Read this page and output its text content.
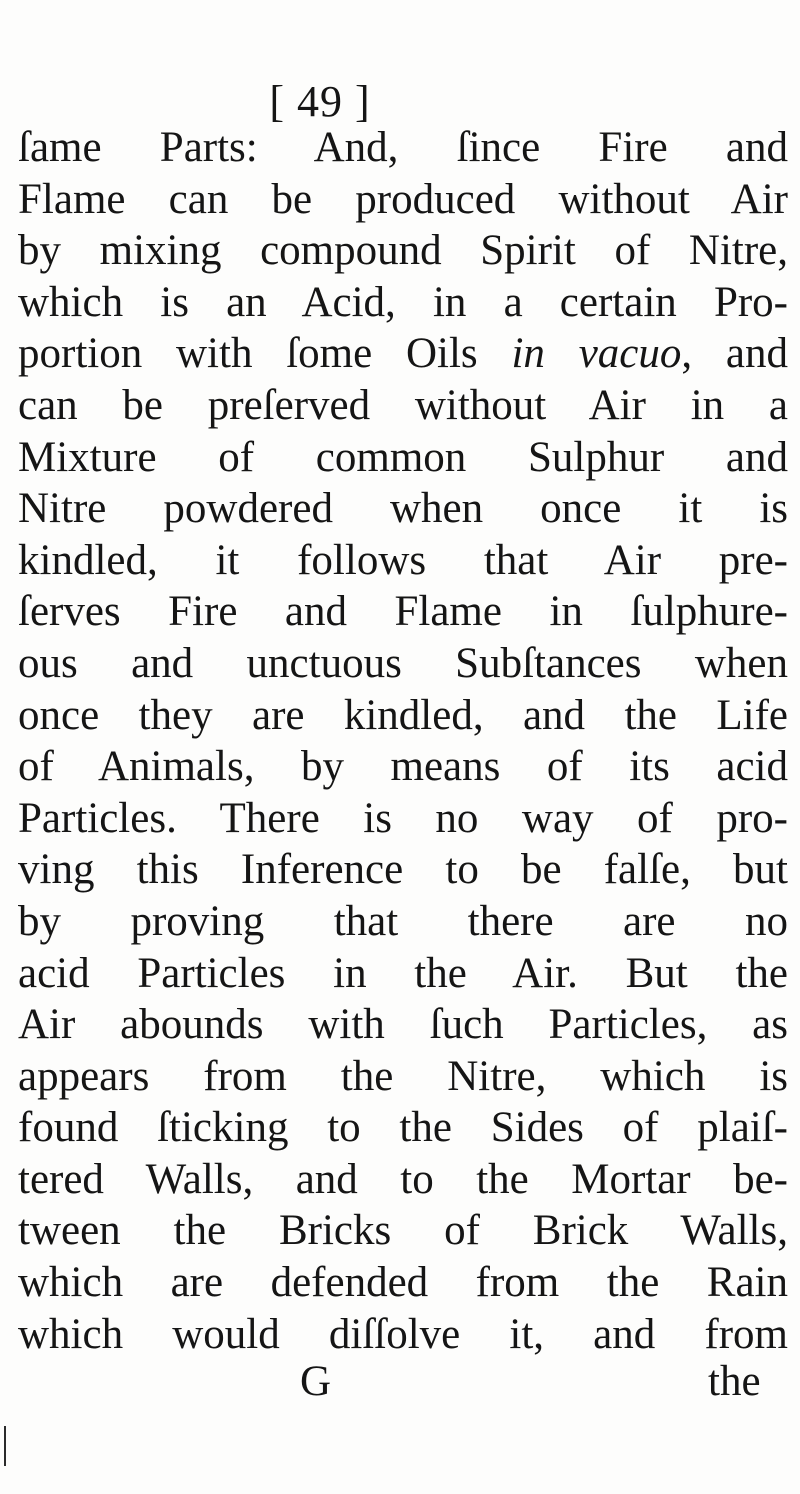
[ 49 ]
ſame Parts: And, ſince Fire and
Flame can be produced without Air
by mixing compound Spirit of Nitre,
which is an Acid, in a certain Pro-
portion with ſome Oils in vacuo, and
can be preſerved without Air in a
Mixture of common Sulphur and
Nitre powdered when once it is
kindled, it follows that Air pre-
ſerves Fire and Flame in ſulphure-
ous and unctuous Subſtances when
once they are kindled, and the Life
of Animals, by means of its acid
Particles. There is no way of pro-
ving this Inference to be falſe, but
by proving that there are no
acid Particles in the Air. But the
Air abounds with ſuch Particles, as
appears from the Nitre, which is
found ſticking to the Sides of plaiſ-
tered Walls, and to the Mortar be-
tween the Bricks of Brick Walls,
which are defended from the Rain
which would diſſolve it, and from
G	the
